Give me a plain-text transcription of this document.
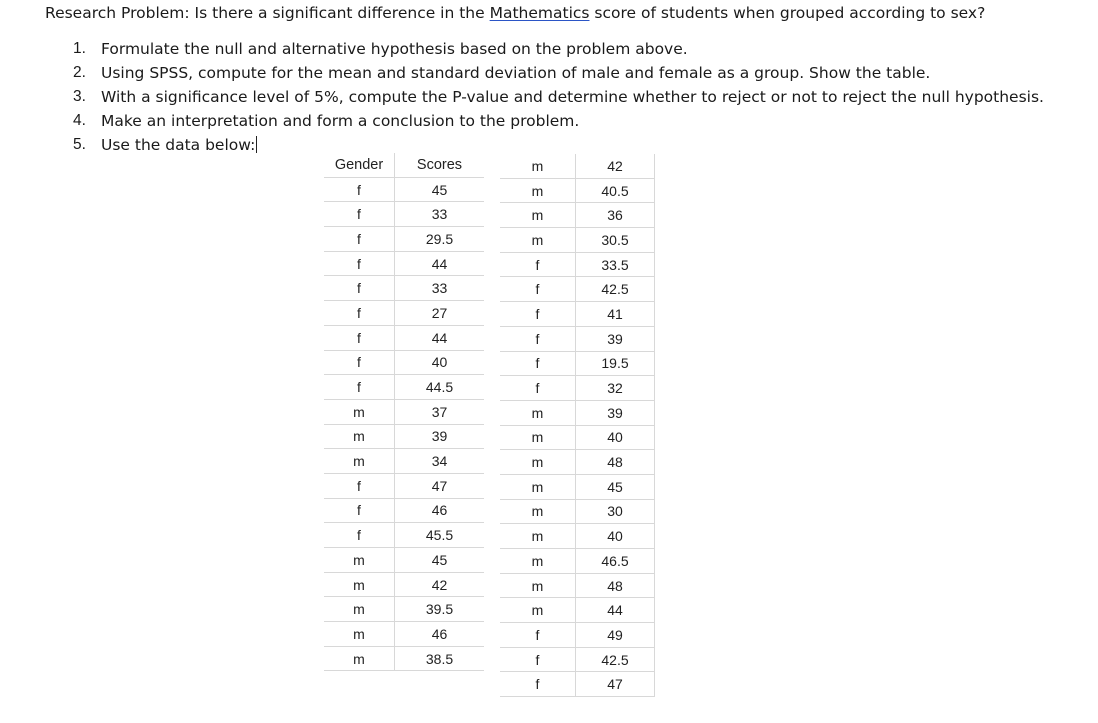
Research Problem: Is there a significant difference in the Mathematics score of students when grouped according to sex?
1. Formulate the null and alternative hypothesis based on the problem above.
2. Using SPSS, compute for the mean and standard deviation of male and female as a group. Show the table.
3. With a significance level of 5%, compute the P-value and determine whether to reject or not to reject the null hypothesis.
4. Make an interpretation and form a conclusion to the problem.
5. Use the data below:
Gender	Scores
f	45
f	33
f	29.5
f	44
f	33
f	27
f	44
f	40
f	44.5
m	37
m	39
m	34
f	47
f	46
f	45.5
m	45
m	42
m	39.5
m	46
m	38.5
m	42
m	40.5
m	36
m	30.5
f	33.5
f	42.5
f	41
f	39
f	19.5
f	32
m	39
m	40
m	48
m	45
m	30
m	40
m	46.5
m	48
m	44
f	49
f	42.5
f	47
